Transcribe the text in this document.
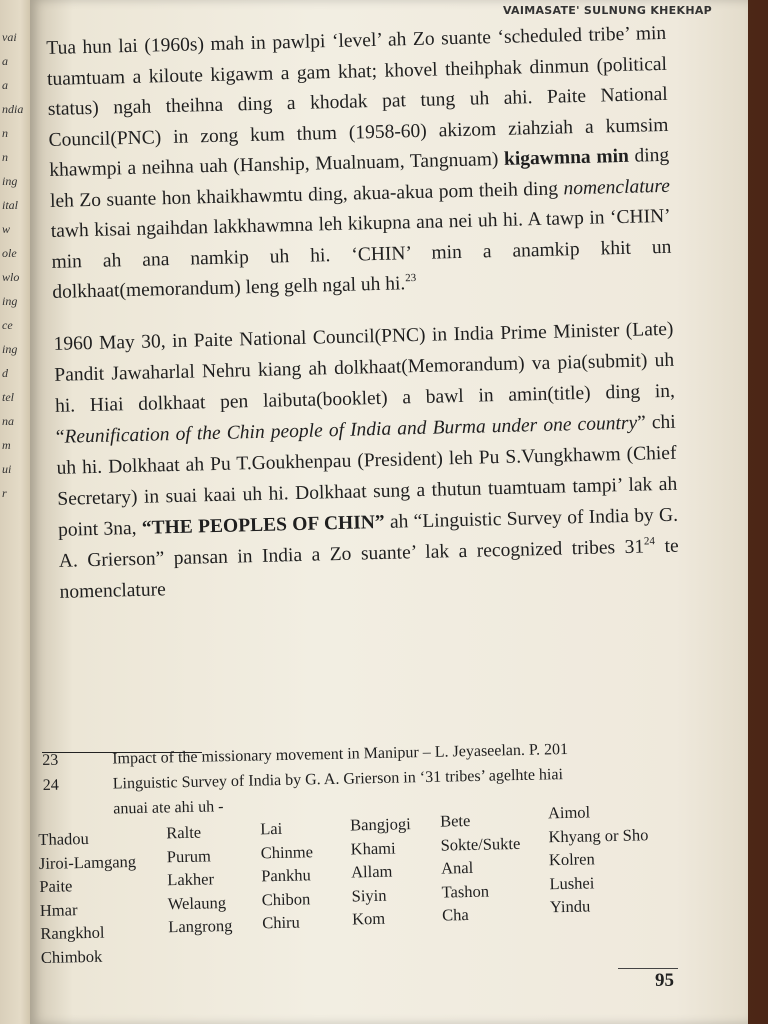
vai
a
a
ndia
n
n
ing
ital
w
ole
wlo
ing
ce
ing
d
tel
na
m
ui
r
VAIMASATE' SULNUNG KHEKHAP

Tua hun lai (1960s) mah in pawlpi ‘level’ ah Zo suante ‘scheduled tribe’ min tuamtuam a kiloute kigawm a gam khat; khovel theihphak dinmun (political status) ngah theihna ding a khodak pat tung uh ahi. Paite National Council(PNC) in zong kum thum (1958-60) akizom ziahziah a kumsim khawmpi a neihna uah (Hanship, Mualnuam, Tangnuam) kigawmna min ding leh Zo suante hon khaikhawmtu ding, akua-akua pom theih ding nomenclature tawh kisai ngaihdan lakkhawmna leh kikupna ana nei uh hi. A tawp in ‘CHIN’ min ah ana namkip uh hi. ‘CHIN’ min a anamkip khit un dolkhaat(memorandum) leng gelh ngal uh hi.$^{23}$

1960 May 30, in Paite National Council(PNC) in India Prime Minister (Late) Pandit Jawaharlal Nehru kiang ah dolkhaat(Memorandum) va pia(submit) uh hi. Hiai dolkhaat pen laibuta(booklet) a bawl in amin(title) ding in, “Reunification of the Chin people of India and Burma under one country” chi uh hi. Dolkhaat ah Pu T.Goukhenpau (President) leh Pu S.Vungkhawm (Chief Secretary) in suai kaai uh hi. Dolkhaat sung a thutun tuamtuam tampi’ lak ah point 3na, “THE PEOPLES OF CHIN” ah “Linguistic Survey of India by G. A. Grierson” pansan in India a Zo suante’ lak a recognized tribes $31^{24}$ te nomenclature

23	Impact of the missionary movement in Manipur – L. Jeyaseelan. P. 201
24	Linguistic Survey of India by G. A. Grierson in ‘31 tribes’ agelhte hiai
anuai ate ahi uh -
Thadou
Jiroi-Lamgang
Paite
Hmar
Rangkhol
Chimbok
Ralte
Purum
Lakher
Welaung
Langrong
Lai
Chinme
Pankhu
Chibon
Chiru
Bangjogi
Khami
Allam
Siyin
Kom
Bete
Sokte/Sukte
Anal
Tashon
Cha
Aimol
Khyang or Sho
Kolren
Lushei
Yindu
95
